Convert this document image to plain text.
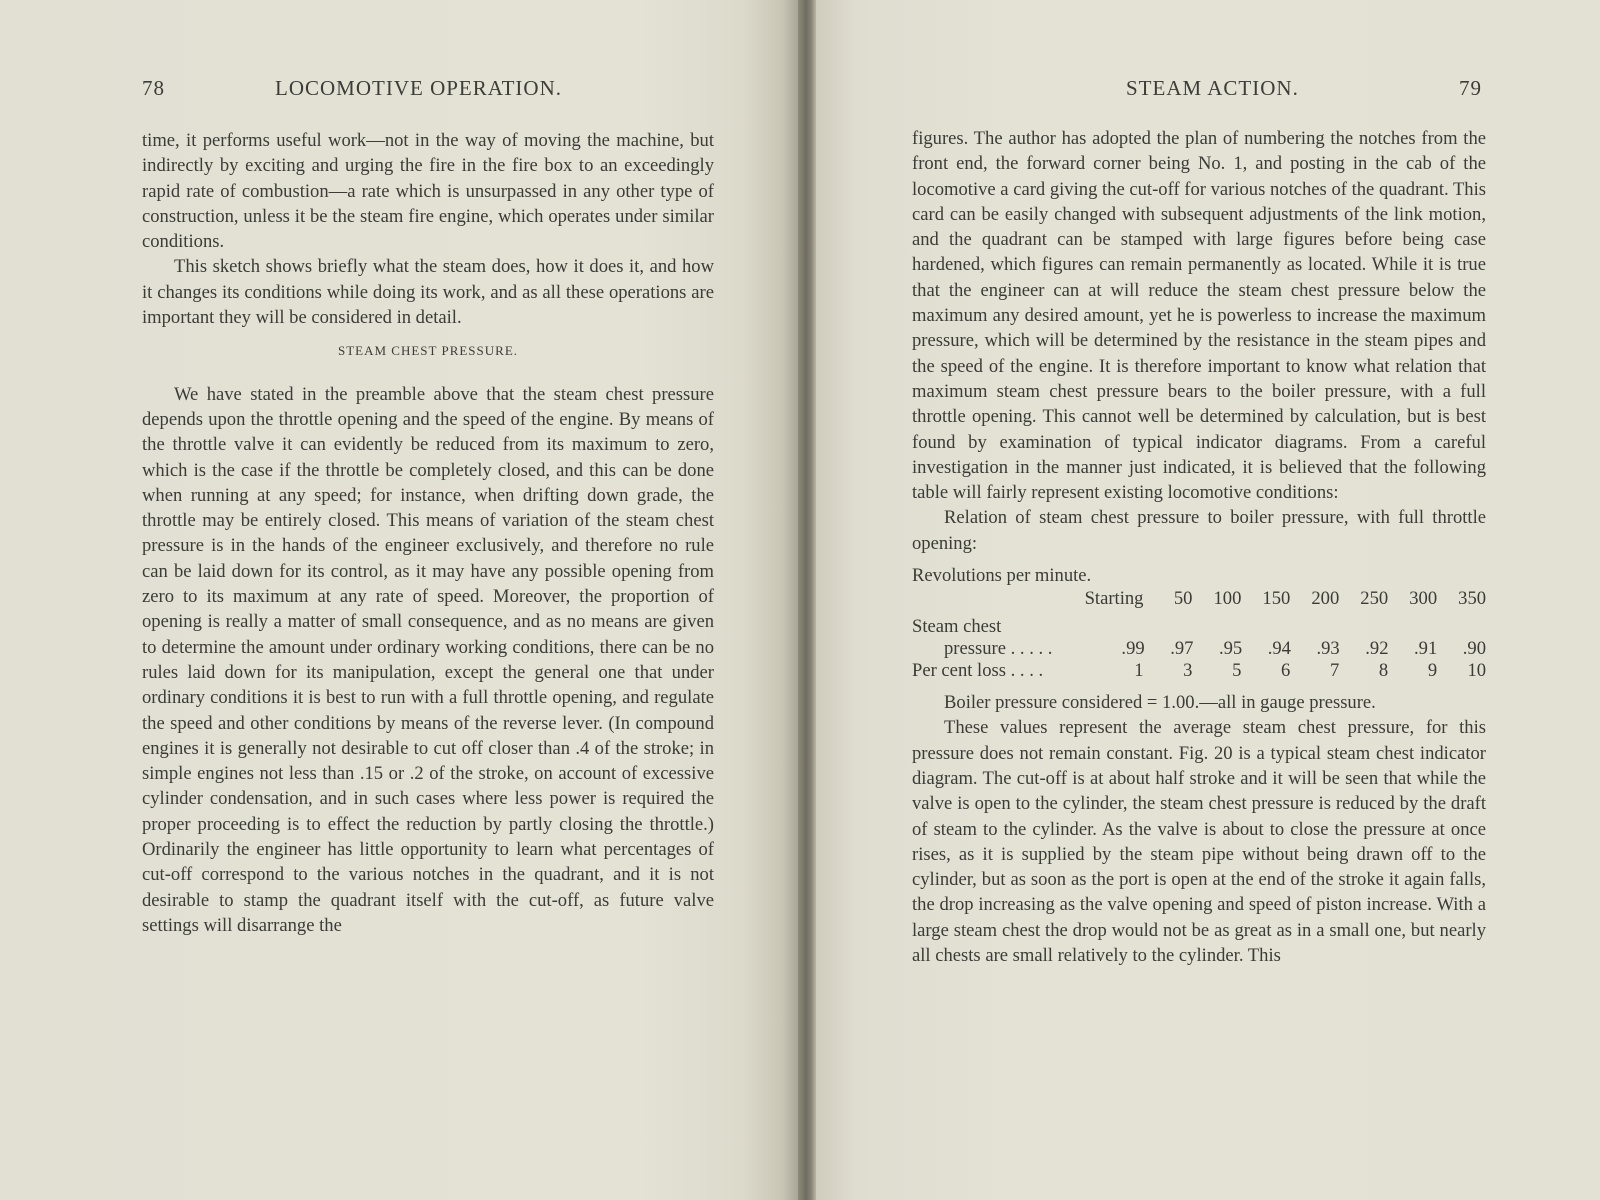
78	LOCOMOTIVE OPERATION.

time, it performs useful work—not in the way of moving the machine, but indirectly by exciting and urging the fire in the fire box to an exceedingly rapid rate of combustion—a rate which is unsurpassed in any other type of construction, unless it be the steam fire engine, which operates under similar conditions.

This sketch shows briefly what the steam does, how it does it, and how it changes its conditions while doing its work, and as all these operations are important they will be considered in detail.

STEAM CHEST PRESSURE.

We have stated in the preamble above that the steam chest pressure depends upon the throttle opening and the speed of the engine. By means of the throttle valve it can evidently be reduced from its maximum to zero, which is the case if the throttle be completely closed, and this can be done when running at any speed; for instance, when drifting down grade, the throttle may be entirely closed. This means of variation of the steam chest pressure is in the hands of the engineer exclusively, and therefore no rule can be laid down for its control, as it may have any possible opening from zero to its maximum at any rate of speed. Moreover, the proportion of opening is really a matter of small consequence, and as no means are given to determine the amount under ordinary working conditions, there can be no rules laid down for its manipulation, except the general one that under ordinary conditions it is best to run with a full throttle opening, and regulate the speed and other conditions by means of the reverse lever. (In compound engines it is generally not desirable to cut off closer than .4 of the stroke; in simple engines not less than .15 or .2 of the stroke, on account of excessive cylinder condensation, and in such cases where less power is required the proper proceeding is to effect the reduction by partly closing the throttle.) Ordinarily the engineer has little opportunity to learn what percentages of cut-off correspond to the various notches in the quadrant, and it is not desirable to stamp the quadrant itself with the cut-off, as future valve settings will disarrange the

STEAM ACTION.	79

figures. The author has adopted the plan of numbering the notches from the front end, the forward corner being No. 1, and posting in the cab of the locomotive a card giving the cut-off for various notches of the quadrant. This card can be easily changed with subsequent adjustments of the link motion, and the quadrant can be stamped with large figures before being case hardened, which figures can remain permanently as located. While it is true that the engineer can at will reduce the steam chest pressure below the maximum any desired amount, yet he is powerless to increase the maximum pressure, which will be determined by the resistance in the steam pipes and the speed of the engine. It is therefore important to know what relation that maximum steam chest pressure bears to the boiler pressure, with a full throttle opening. This cannot well be determined by calculation, but is best found by examination of typical indicator diagrams. From a careful investigation in the manner just indicated, it is believed that the following table will fairly represent existing locomotive conditions:

Relation of steam chest pressure to boiler pressure, with full throttle opening:

Revolutions per minute.
Starting	50	100	150	200	250	300	350
Steam chest
pressure . . . . .	.99	.97	.95	.94	.93	.92	.91	.90
Per cent loss . . . .	1	3	5	6	7	8	9	10

Boiler pressure considered = 1.00.—all in gauge pressure.

These values represent the average steam chest pressure, for this pressure does not remain constant. Fig. 20 is a typical steam chest indicator diagram. The cut-off is at about half stroke and it will be seen that while the valve is open to the cylinder, the steam chest pressure is reduced by the draft of steam to the cylinder. As the valve is about to close the pressure at once rises, as it is supplied by the steam pipe without being drawn off to the cylinder, but as soon as the port is open at the end of the stroke it again falls, the drop increasing as the valve opening and speed of piston increase. With a large steam chest the drop would not be as great as in a small one, but nearly all chests are small relatively to the cylinder. This
